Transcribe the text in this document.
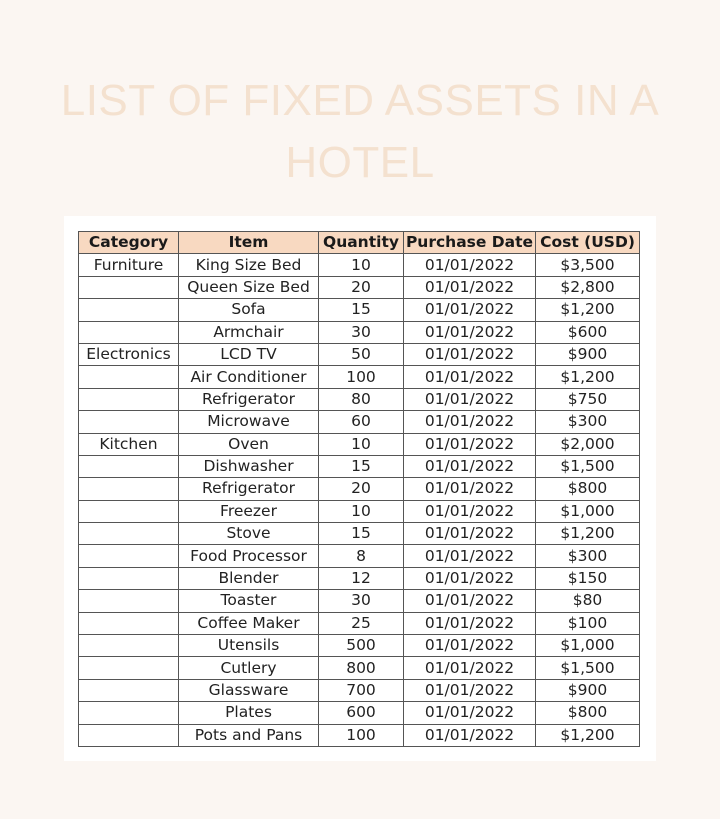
LIST OF FIXED ASSETS IN A
HOTEL
Category	Item	Quantity	Purchase Date	Cost (USD)
Furniture	King Size Bed	10	01/01/2022	$3,500
	Queen Size Bed	20	01/01/2022	$2,800
	Sofa	15	01/01/2022	$1,200
	Armchair	30	01/01/2022	$600
Electronics	LCD TV	50	01/01/2022	$900
	Air Conditioner	100	01/01/2022	$1,200
	Refrigerator	80	01/01/2022	$750
	Microwave	60	01/01/2022	$300
Kitchen	Oven	10	01/01/2022	$2,000
	Dishwasher	15	01/01/2022	$1,500
	Refrigerator	20	01/01/2022	$800
	Freezer	10	01/01/2022	$1,000
	Stove	15	01/01/2022	$1,200
	Food Processor	8	01/01/2022	$300
	Blender	12	01/01/2022	$150
	Toaster	30	01/01/2022	$80
	Coffee Maker	25	01/01/2022	$100
	Utensils	500	01/01/2022	$1,000
	Cutlery	800	01/01/2022	$1,500
	Glassware	700	01/01/2022	$900
	Plates	600	01/01/2022	$800
	Pots and Pans	100	01/01/2022	$1,200
